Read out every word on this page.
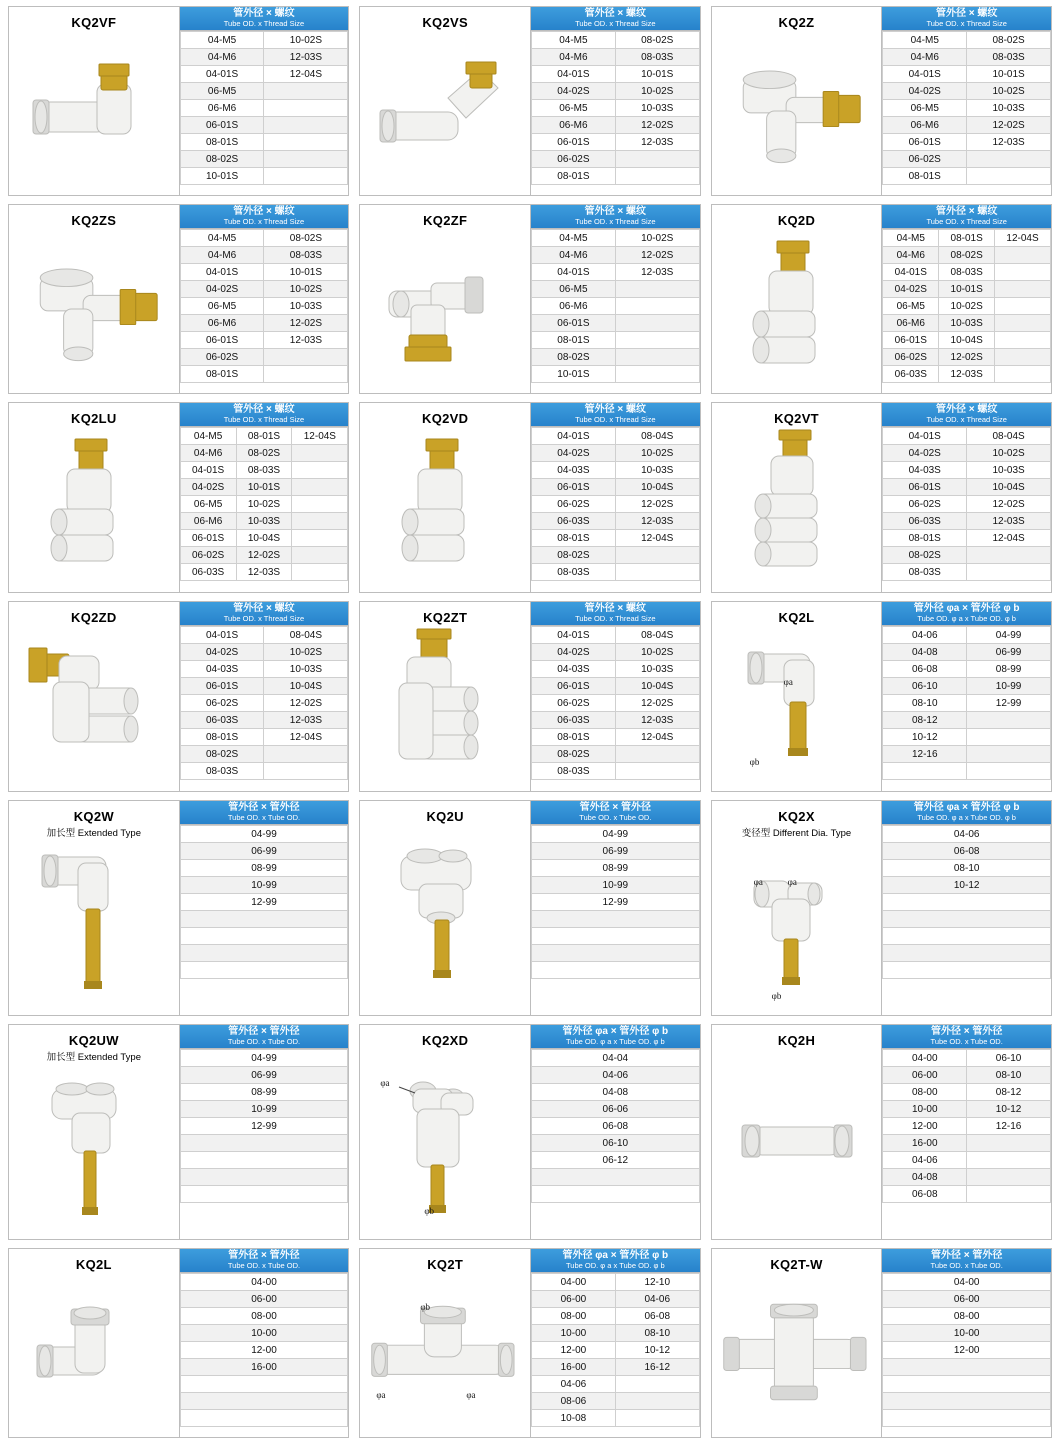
KQ2VF
管外径 × 螺纹
Tube OD. x Thread Size
04-M5	10-02S
04-M6	12-03S
04-01S	12-04S
06-M5	
06-M6	
06-01S	
08-01S	
08-02S	
10-01S	
KQ2VS
管外径 × 螺纹
Tube OD. x Thread Size
04-M5	08-02S
04-M6	08-03S
04-01S	10-01S
04-02S	10-02S
06-M5	10-03S
06-M6	12-02S
06-01S	12-03S
06-02S	
08-01S	
KQ2Z
管外径 × 螺纹
Tube OD. x Thread Size
04-M5	08-02S
04-M6	08-03S
04-01S	10-01S
04-02S	10-02S
06-M5	10-03S
06-M6	12-02S
06-01S	12-03S
06-02S	
08-01S	
KQ2ZS
管外径 × 螺纹
Tube OD. x Thread Size
04-M5	08-02S
04-M6	08-03S
04-01S	10-01S
04-02S	10-02S
06-M5	10-03S
06-M6	12-02S
06-01S	12-03S
06-02S	
08-01S	
KQ2ZF
管外径 × 螺纹
Tube OD. x Thread Size
04-M5	10-02S
04-M6	12-02S
04-01S	12-03S
06-M5	
06-M6	
06-01S	
08-01S	
08-02S	
10-01S	
KQ2D
管外径 × 螺纹
Tube OD. x Thread Size
04-M5	08-01S	12-04S
04-M6	08-02S	
04-01S	08-03S	
04-02S	10-01S	
06-M5	10-02S	
06-M6	10-03S	
06-01S	10-04S	
06-02S	12-02S	
06-03S	12-03S	
KQ2LU
管外径 × 螺纹
Tube OD. x Thread Size
04-M5	08-01S	12-04S
04-M6	08-02S	
04-01S	08-03S	
04-02S	10-01S	
06-M5	10-02S	
06-M6	10-03S	
06-01S	10-04S	
06-02S	12-02S	
06-03S	12-03S	
KQ2VD
管外径 × 螺纹
Tube OD. x Thread Size
04-01S	08-04S
04-02S	10-02S
04-03S	10-03S
06-01S	10-04S
06-02S	12-02S
06-03S	12-03S
08-01S	12-04S
08-02S	
08-03S	
KQ2VT
管外径 × 螺纹
Tube OD. x Thread Size
04-01S	08-04S
04-02S	10-02S
04-03S	10-03S
06-01S	10-04S
06-02S	12-02S
06-03S	12-03S
08-01S	12-04S
08-02S	
08-03S	
KQ2ZD
管外径 × 螺纹
Tube OD. x Thread Size
04-01S	08-04S
04-02S	10-02S
04-03S	10-03S
06-01S	10-04S
06-02S	12-02S
06-03S	12-03S
08-01S	12-04S
08-02S	
08-03S	
KQ2ZT
管外径 × 螺纹
Tube OD. x Thread Size
04-01S	08-04S
04-02S	10-02S
04-03S	10-03S
06-01S	10-04S
06-02S	12-02S
06-03S	12-03S
08-01S	12-04S
08-02S	
08-03S	
KQ2L
φa
φb
管外径 φa × 管外径 φ b
Tube OD. φ a x Tube OD. φ b
04-06	04-99
04-08	06-99
06-08	08-99
06-10	10-99
08-10	12-99
08-12	
10-12	
12-16	

KQ2W
加长型 Extended Type
管外径 × 管外径
Tube OD. x Tube OD.
04-99
06-99
08-99
10-99
12-99

KQ2U
管外径 × 管外径
Tube OD. x Tube OD.
04-99
06-99
08-99
10-99
12-99

KQ2X
变径型 Different Dia. Type
φa	φa
φb
管外径 φa × 管外径 φ b
Tube OD. φ a x Tube OD. φ b
04-06
06-08
08-10
10-12

KQ2UW
加长型 Extended Type
管外径 × 管外径
Tube OD. x Tube OD.
04-99
06-99
08-99
10-99
12-99

KQ2XD
φa
φb
管外径 φa × 管外径 φ b
Tube OD. φ a x Tube OD. φ b
04-04
04-06
04-08
06-06
06-08
06-10
06-12

KQ2H
管外径 × 管外径
Tube OD. x Tube OD.
04-00	06-10
06-00	08-10
08-00	08-12
10-00	10-12
12-00	12-16
16-00	
04-06	
04-08	
06-08	
KQ2L
管外径 × 管外径
Tube OD. x Tube OD.
04-00
06-00
08-00
10-00
12-00
16-00

KQ2T
φb
φa	φa
管外径 φa × 管外径 φ b
Tube OD. φ a x Tube OD. φ b
04-00	12-10
06-00	04-06
08-00	06-08
10-00	08-10
12-00	10-12
16-00	16-12
04-06	
08-06	
10-08	
KQ2T-W
管外径 × 管外径
Tube OD. x Tube OD.
04-00
06-00
08-00
10-00
12-00
